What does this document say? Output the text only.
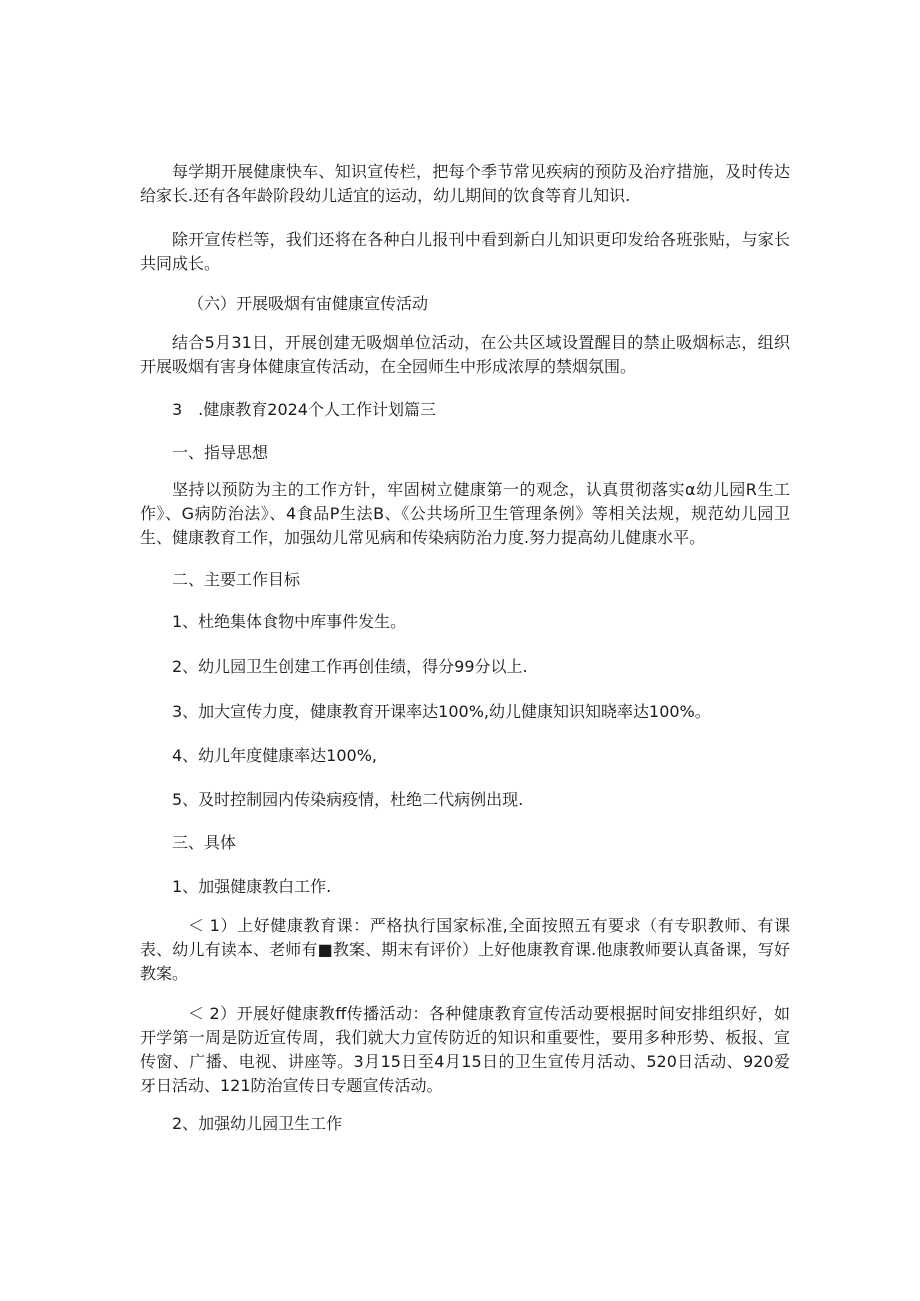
每学期开展健康快车、知识宣传栏，把每个季节常见疾病的预防及治疗措施，及时传达给家长.还有各年龄阶段幼儿适宜的运动，幼儿期间的饮食等育儿知识.

除开宣传栏等，我们还将在各种白儿报刊中看到新白儿知识更印发给各班张贴，与家长共同成长。

（六）开展吸烟有宙健康宣传活动

结合5月31日，开展创建无吸烟单位活动，在公共区域设置醒目的禁止吸烟标志，组织开展吸烟有害身体健康宣传活动，在全园师生中形成浓厚的禁烟氛围。

3　.健康教育2024个人工作计划篇三

一、指导思想

坚持以预防为主的工作方针，牢固树立健康第一的观念，认真贯彻落实α幼儿园R生工作》、G病防治法》、4食品P生法B、《公共场所卫生管理条例》等相关法规，规范幼儿园卫生、健康教育工作，加强幼儿常见病和传染病防治力度.努力提高幼儿健康水平。

二、主要工作目标

1、杜绝集体食物中库事件发生。

2、幼儿园卫生创建工作再创佳绩，得分99分以上.

3、加大宣传力度，健康教育开课率达100%,幼儿健康知识知晓率达100%。

4、幼儿年度健康率达100%,

5、及时控制园内传染病疫情，杜绝二代病例出现.

三、具体

1、加强健康教白工作.

＜ 1）上好健康教育课：严格执行国家标准,全面按照五有要求（有专职教师、有课表、幼儿有读本、老师有■教案、期末有评价）上好他康教育课.他康教师要认真备课，写好教案。

＜ 2）开展好健康教ff传播活动：各种健康教育宣传活动要根据时间安排组织好，如开学第一周是防近宣传周，我们就大力宣传防近的知识和重要性，要用多种形势、板报、宣传窗、广播、电视、讲座等。3月15日至4月15日的卫生宣传月活动、520日活动、920爱牙日活动、121防治宣传日专题宣传活动。

2、加强幼儿园卫生工作
